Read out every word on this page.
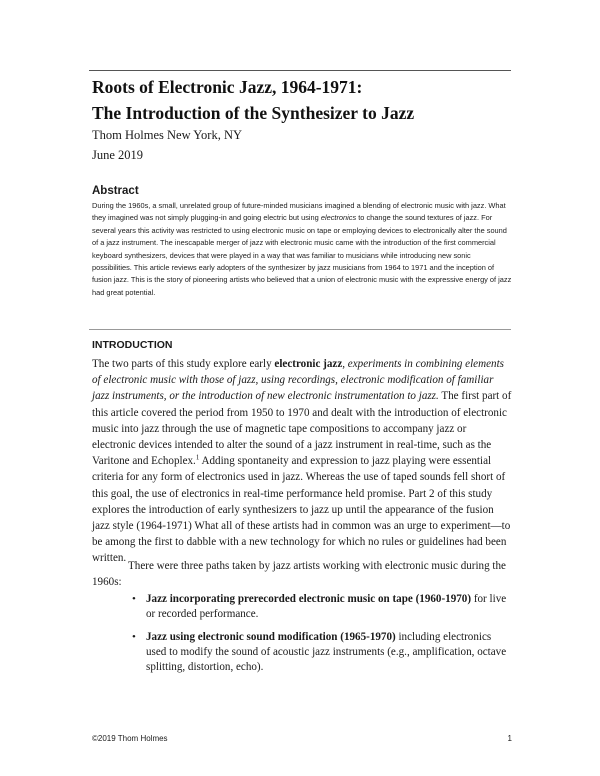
Roots of Electronic Jazz, 1964-1971:
The Introduction of the Synthesizer to Jazz
Thom Holmes New York, NY
June 2019
Abstract

During the 1960s, a small, unrelated group of future-minded musicians imagined a blending of electronic music with jazz. What they imagined was not simply plugging-in and going electric but using electronics to change the sound textures of jazz. For several years this activity was restricted to using electronic music on tape or employing devices to electronically alter the sound of a jazz instrument. The inescapable merger of jazz with electronic music came with the introduction of the first commercial keyboard synthesizers, devices that were played in a way that was familiar to musicians while introducing new sonic possibilities. This article reviews early adopters of the synthesizer by jazz musicians from 1964 to 1971 and the inception of fusion jazz. This is the story of pioneering artists who believed that a union of electronic music with the expressive energy of jazz had great potential.

INTRODUCTION

The two parts of this study explore early electronic jazz, experiments in combining elements of electronic music with those of jazz, using recordings, electronic modification of familiar jazz instruments, or the introduction of new electronic instrumentation to jazz. The first part of this article covered the period from 1950 to 1970 and dealt with the introduction of electronic music into jazz through the use of magnetic tape compositions to accompany jazz or electronic devices intended to alter the sound of a jazz instrument in real-time, such as the Varitone and Echoplex.$^1$ Adding spontaneity and expression to jazz playing were essential criteria for any form of electronics used in jazz. Whereas the use of taped sounds fell short of this goal, the use of electronics in real-time performance held promise. Part 2 of this study explores the introduction of early synthesizers to jazz up until the appearance of the fusion jazz style (1964-1971) What all of these artists had in common was an urge to experiment—to be among the first to dabble with a new technology for which no rules or guidelines had been written.

There were three paths taken by jazz artists working with electronic music during the 1960s:

• Jazz incorporating prerecorded electronic music on tape (1960-1970) for live or recorded performance.
• Jazz using electronic sound modification (1965-1970) including electronics used to modify the sound of acoustic jazz instruments (e.g., amplification, octave splitting, distortion, echo).
©2019 Thom Holmes	1
